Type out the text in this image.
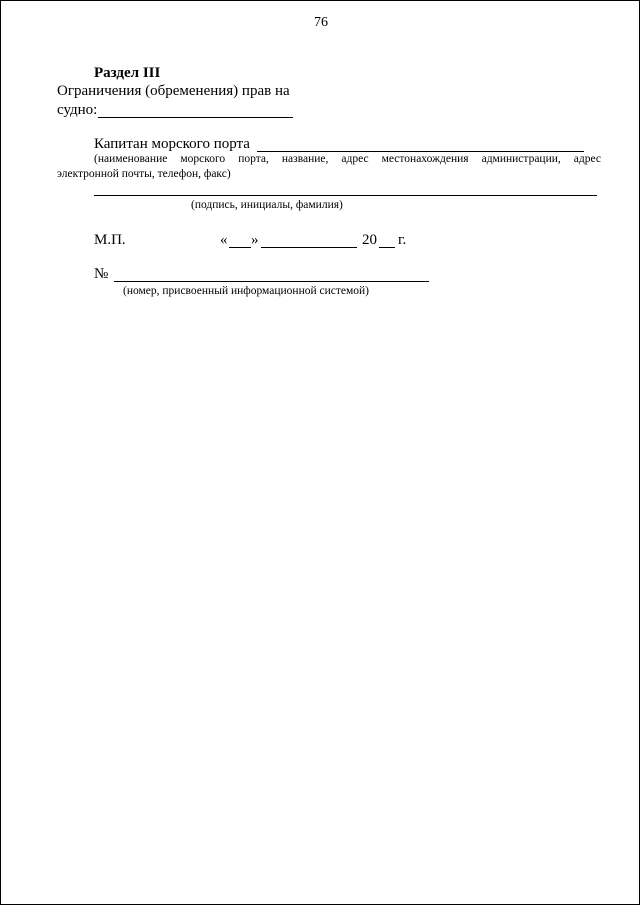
76
Раздел III
Ограничения (обременения) прав на
судно:
Капитан морского порта
(наименование морского порта, название, адрес местонахождения администрации, адрес
электронной почты, телефон, факс)
(подпись, инициалы, фамилия)
М.П.	« »	20 г.
№
(номер, присвоенный информационной системой)
